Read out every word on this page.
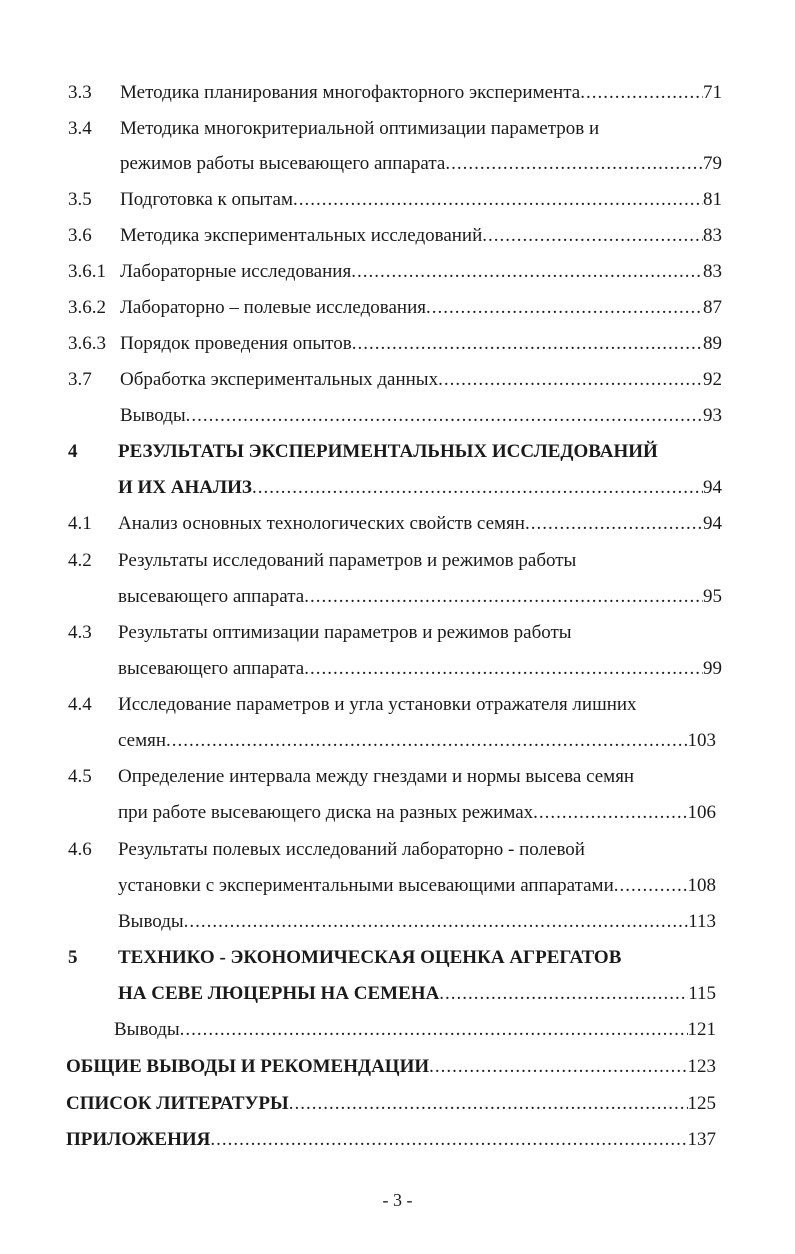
3.3 Методика планирования многофакторного эксперимента .....	71
3.4 Методика многокритериальной оптимизации параметров и
режимов работы высевающего аппарата .....	79
3.5 Подготовка к опытам .....	81
3.6 Методика экспериментальных исследований .....	83
3.6.1 Лабораторные исследования .....	83
3.6.2 Лабораторно – полевые исследования .....	87
3.6.3 Порядок проведения опытов .....	89
3.7 Обработка экспериментальных данных .....	92
Выводы .....	93
4 РЕЗУЛЬТАТЫ ЭКСПЕРИМЕНТАЛЬНЫХ ИССЛЕДОВАНИЙ
И ИХ АНАЛИЗ .....	94
4.1 Анализ основных технологических свойств семян .....	94
4.2 Результаты исследований параметров и режимов работы
высевающего аппарата .....	95
4.3 Результаты оптимизации параметров и режимов работы
высевающего аппарата .....	99
4.4 Исследование параметров и угла установки отражателя лишних
семян .....	103
4.5 Определение интервала между гнездами и нормы высева семян
при работе высевающего диска на разных режимах .....	106
4.6 Результаты полевых исследований лабораторно - полевой
установки с экспериментальными высевающими аппаратами .....	108
Выводы .....	113
5 ТЕХНИКО - ЭКОНОМИЧЕСКАЯ ОЦЕНКА АГРЕГАТОВ
НА СЕВЕ ЛЮЦЕРНЫ НА СЕМЕНА .....	115
Выводы .....	121
ОБЩИЕ ВЫВОДЫ И РЕКОМЕНДАЦИИ .....	123
СПИСОК ЛИТЕРАТУРЫ .....	125
ПРИЛОЖЕНИЯ .....	137
- 3 -
